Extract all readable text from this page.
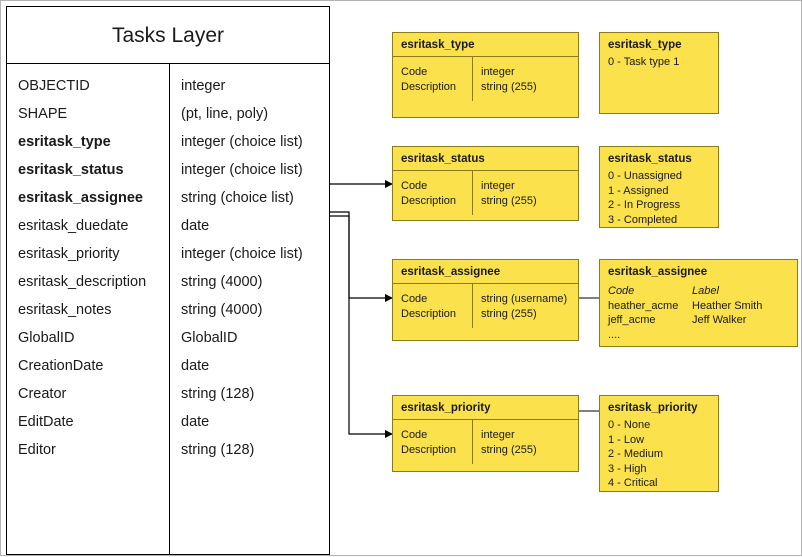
Tasks Layer
OBJECTID
SHAPE
esritask_type
esritask_status
esritask_assignee
esritask_duedate
esritask_priority
esritask_description
esritask_notes
GlobalID
CreationDate
Creator
EditDate
Editor
integer
(pt, line, poly)
integer (choice list)
integer (choice list)
string (choice list)
date
integer (choice list)
string (4000)
string (4000)
GlobalID
date
string (128)
date
string (128)
esritask_type
Code
Description
integer
string (255)
esritask_status
Code
Description
integer
string (255)
esritask_assignee
Code
Description
string (username)
string (255)
esritask_priority
Code
Description
integer
string (255)
esritask_type
0 - Task type 1
esritask_status
0 - Unassigned
1 - Assigned
2 - In Progress
3 - Completed
esritask_assignee
Code
heather_acme
jeff_acme
....
Label
Heather Smith
Jeff Walker
esritask_priority
0 - None
1 - Low
2 - Medium
3 - High
4 - Critical
